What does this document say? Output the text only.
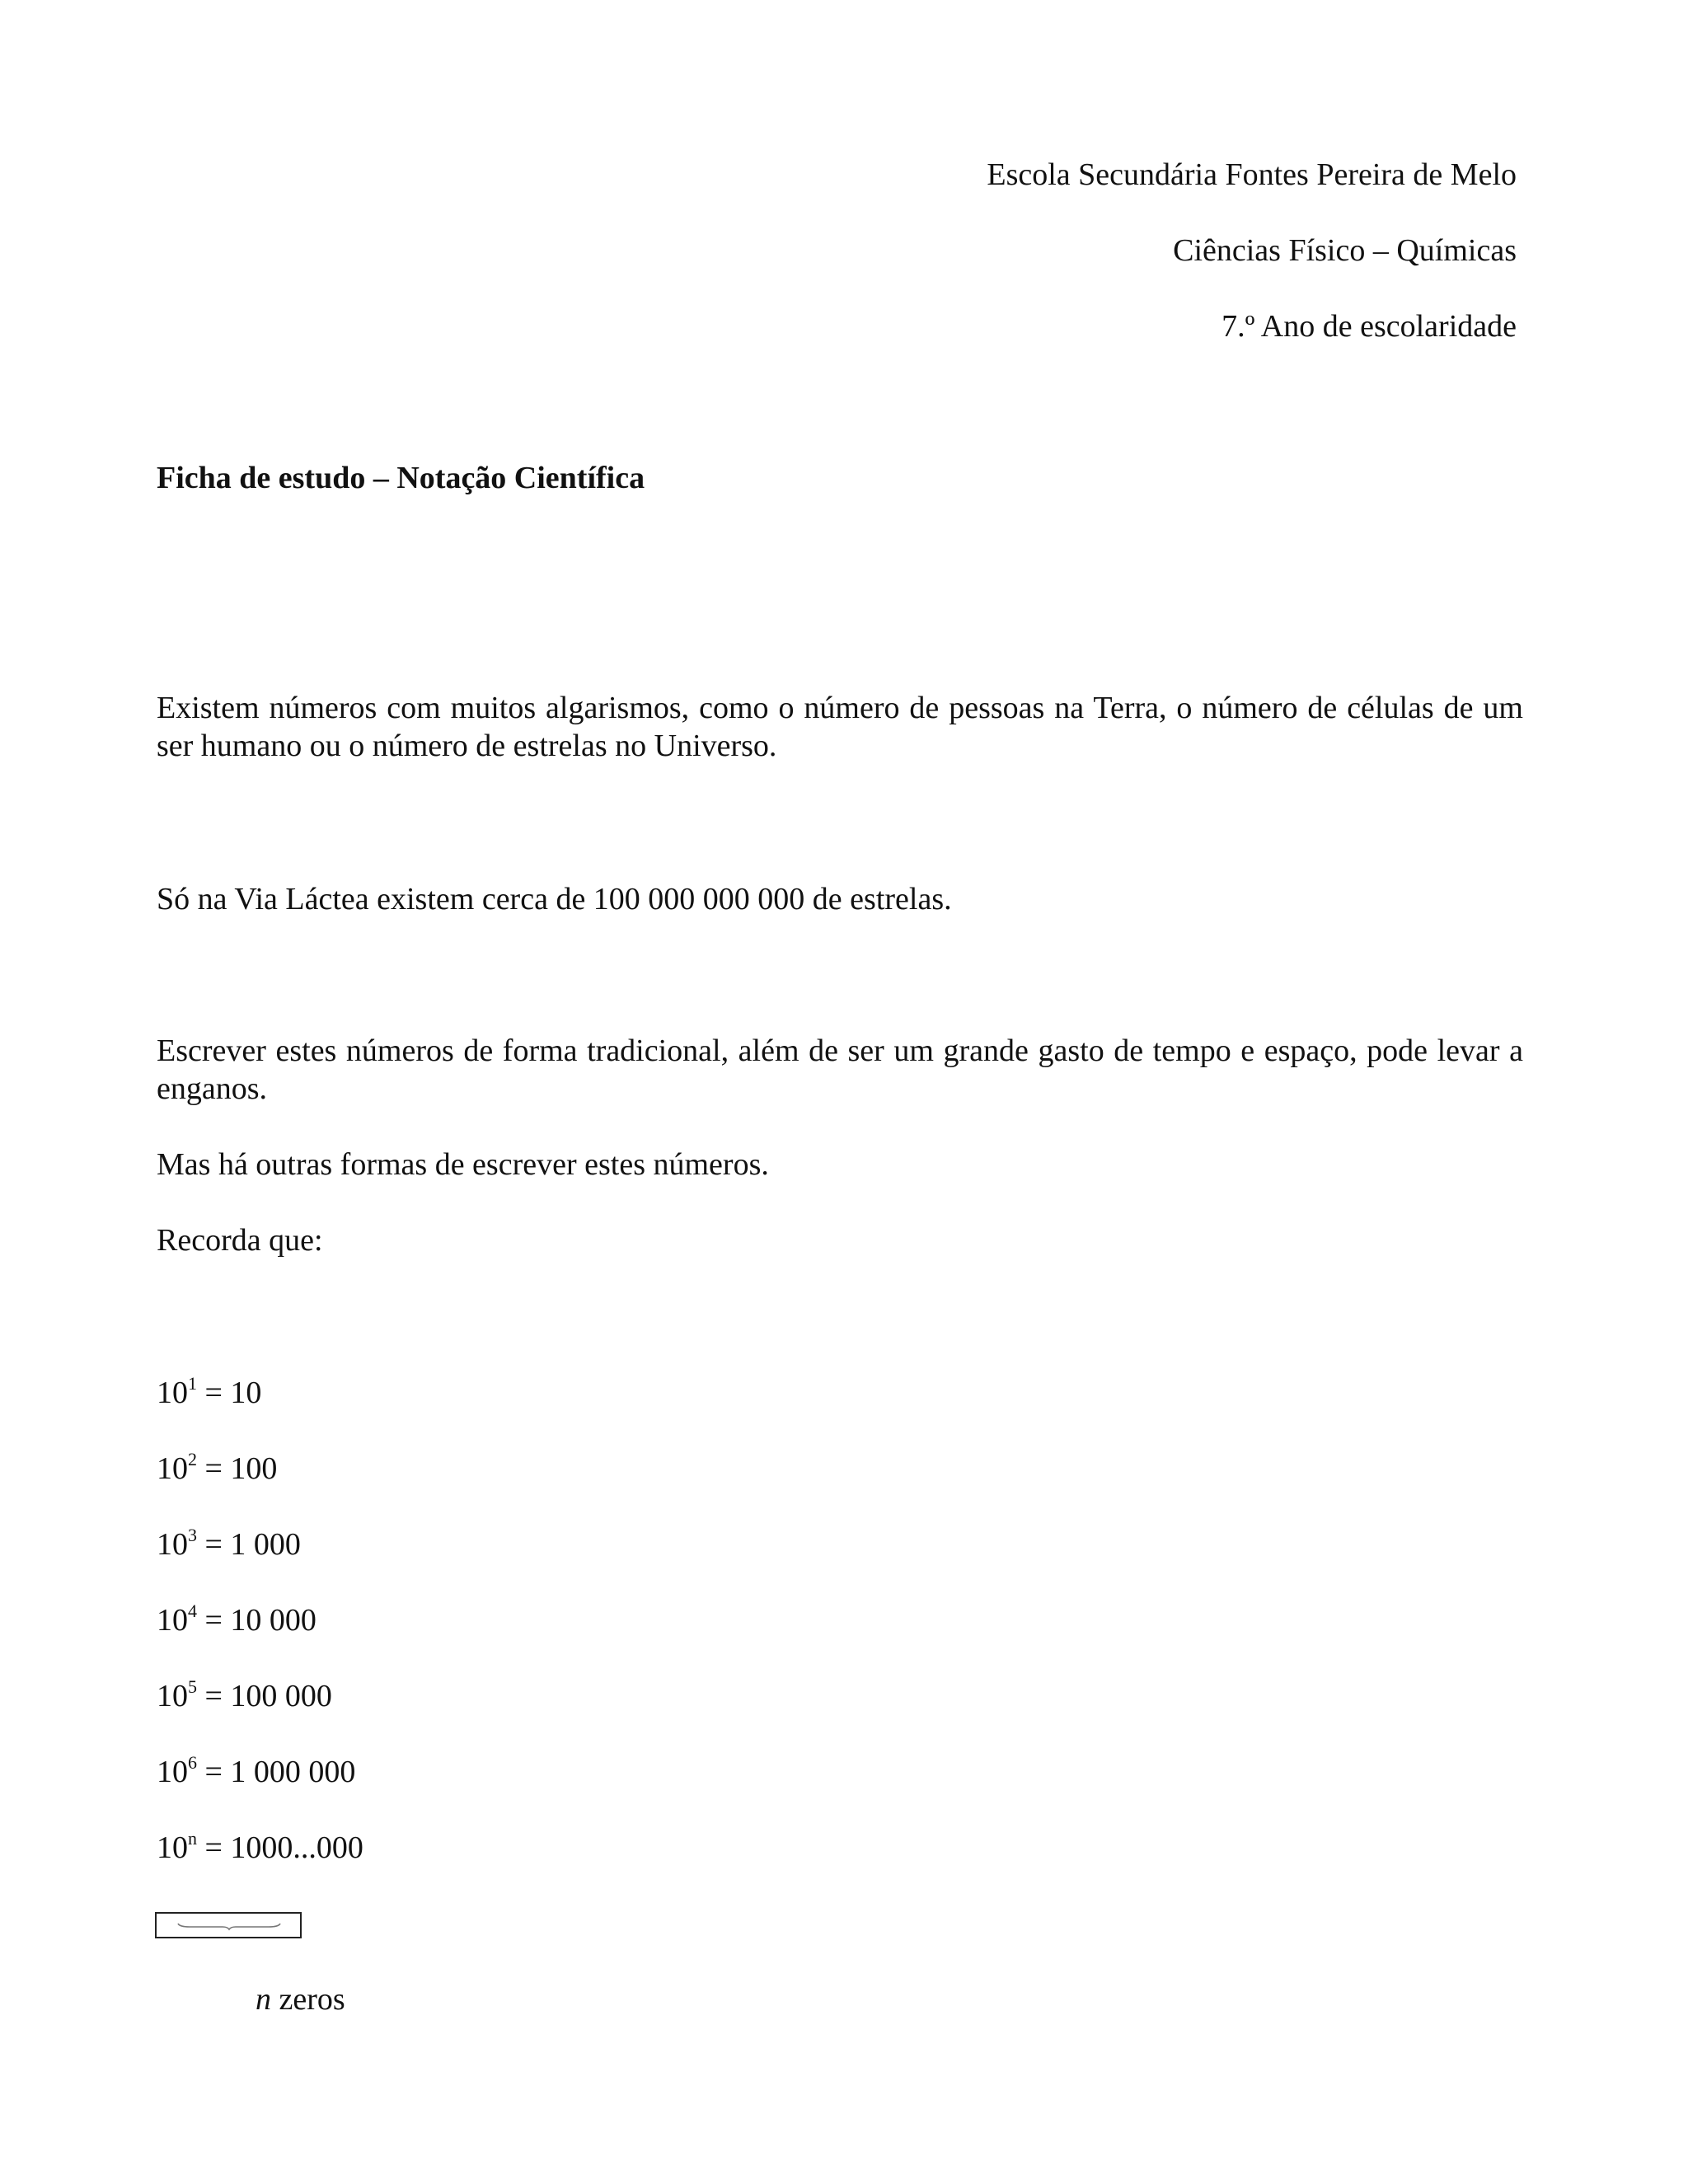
Escola Secundária Fontes Pereira de Melo
Ciências Físico – Químicas
7.º Ano de escolaridade
Ficha de estudo – Notação Científica
Existem números com muitos algarismos, como o número de pessoas na Terra, o número de células de um ser humano ou o número de estrelas no Universo.
Só na Via Láctea existem cerca de 100 000 000 000 de estrelas.
Escrever estes números de forma tradicional, além de ser um grande gasto de tempo e espaço, pode levar a enganos.
Mas há outras formas de escrever estes números.
Recorda que:
$10^1 = 10$
$10^2 = 100$
$10^3 = 1$ 000
$10^4 = 10$ 000
$10^5 = 100$ 000
$10^6 = 1$ 000 000
$10^n = 1000...000$
n zeros
